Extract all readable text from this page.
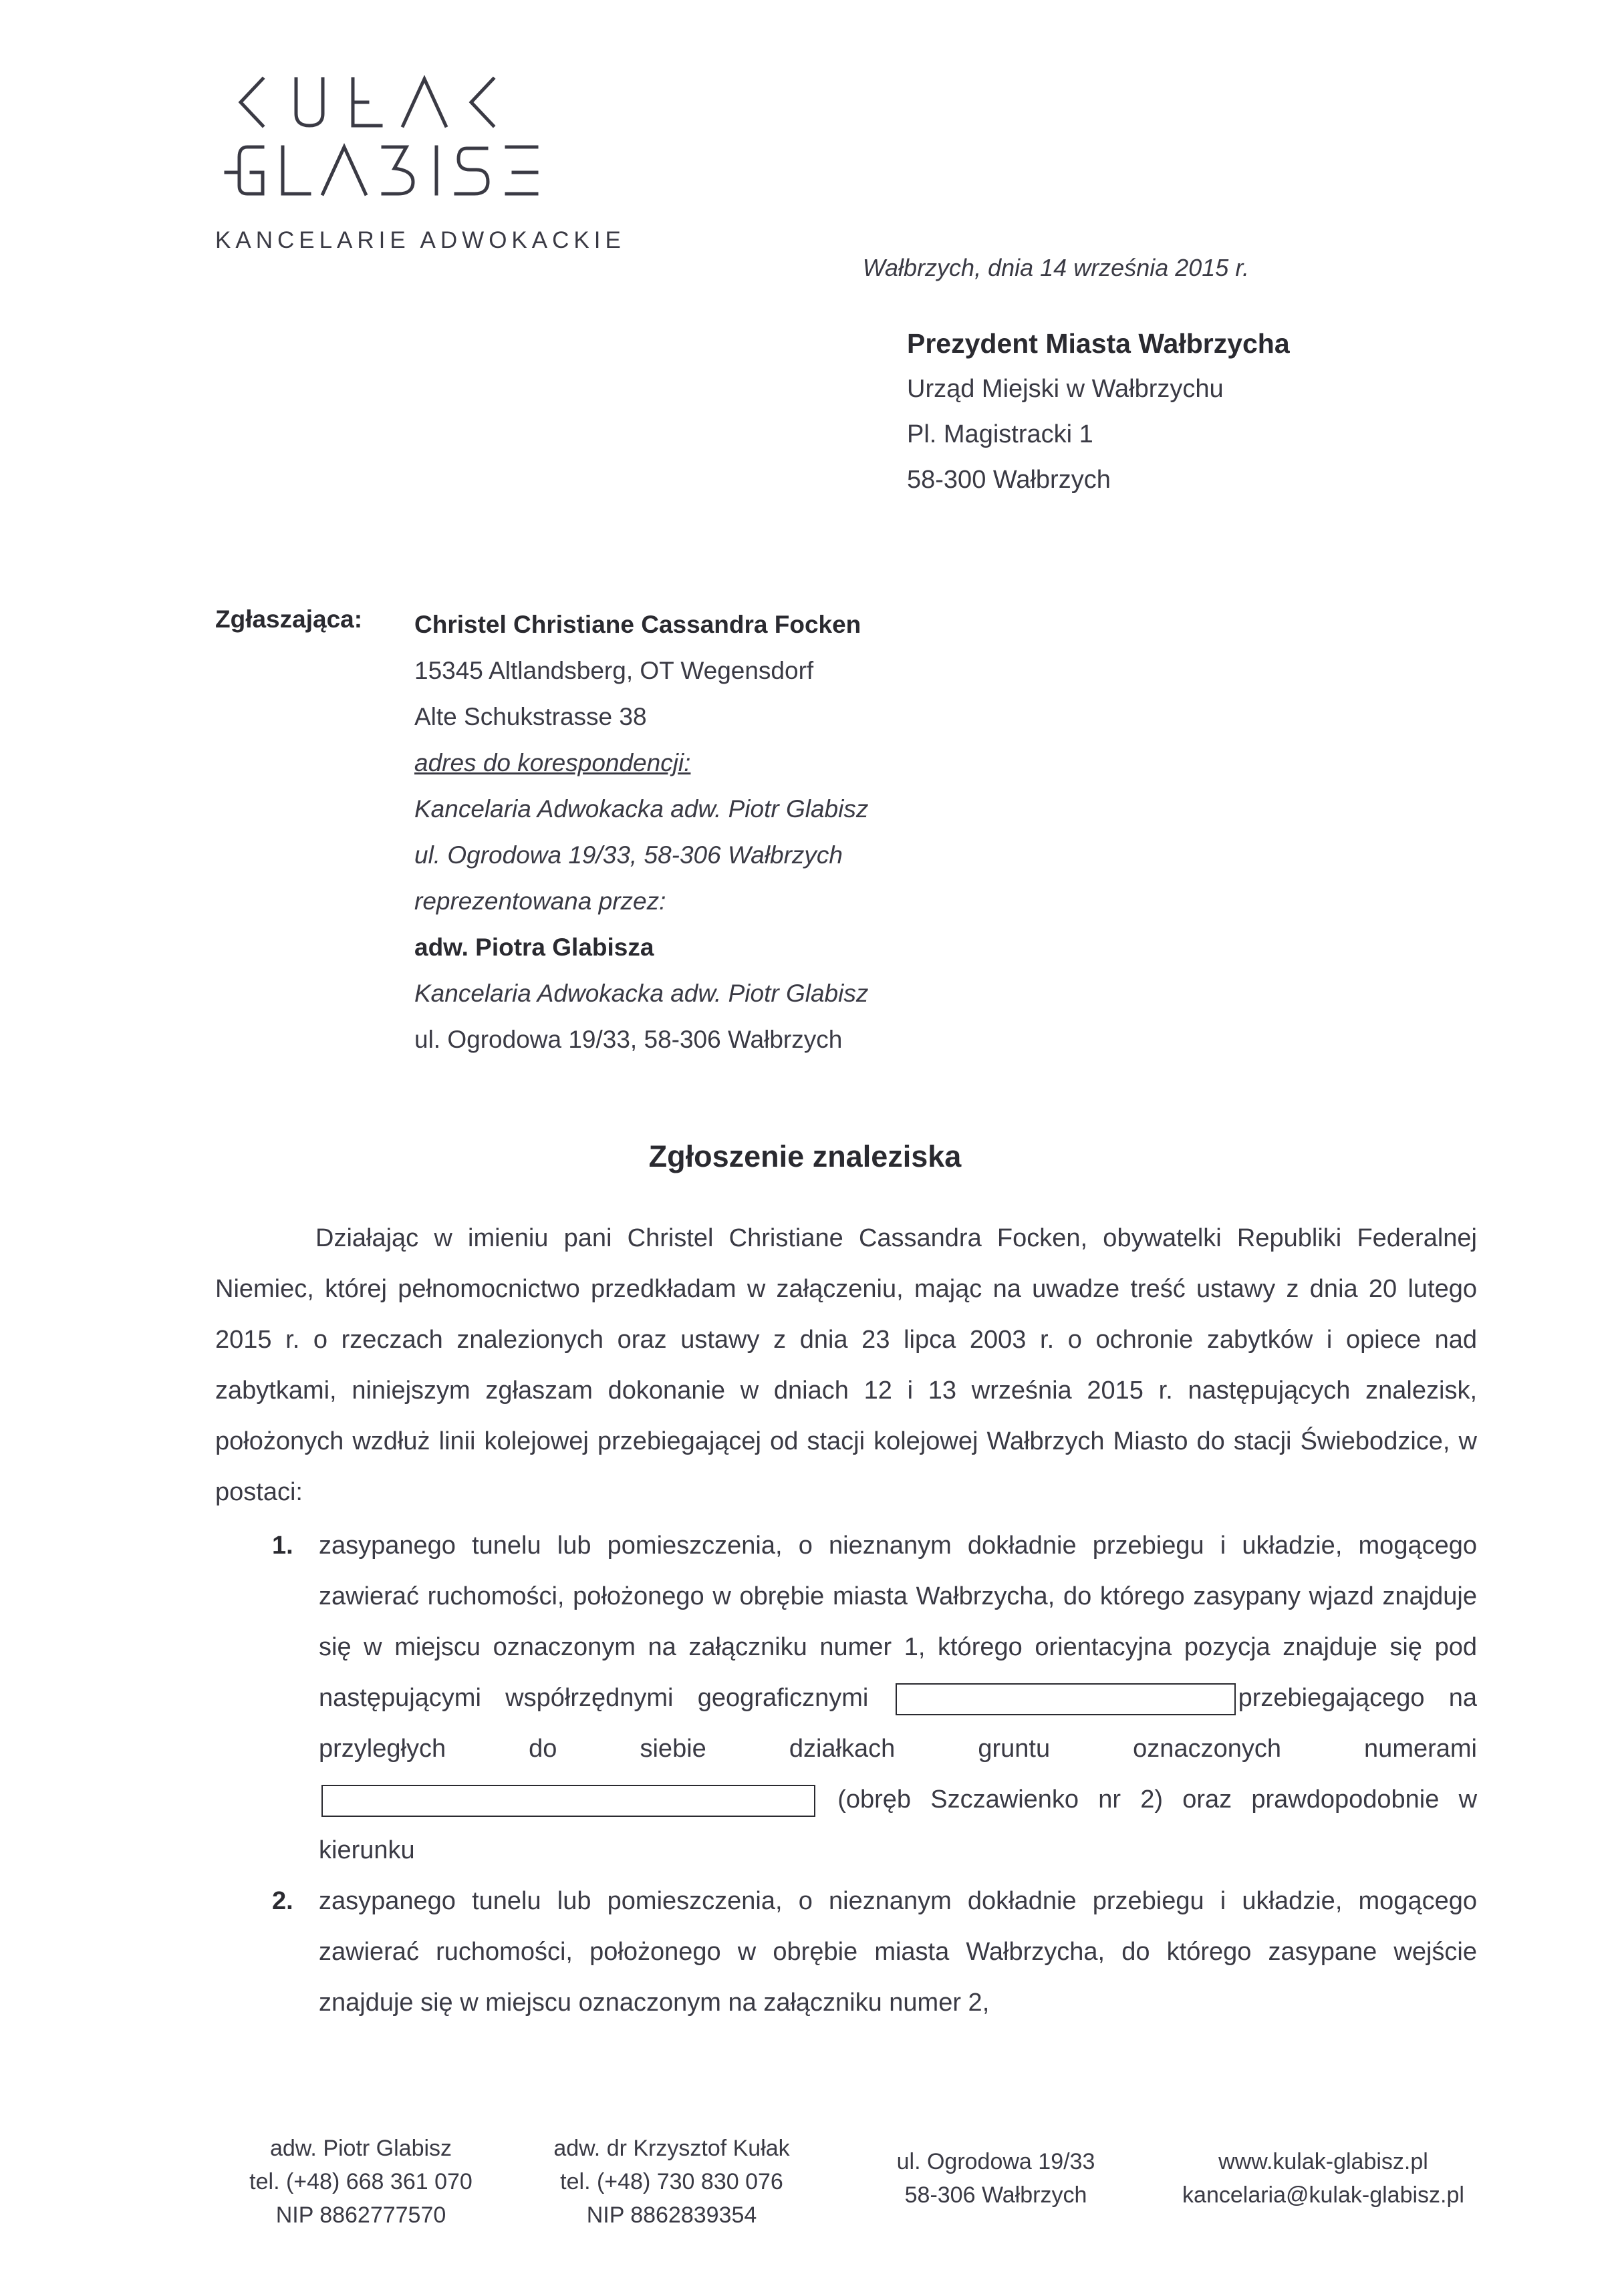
KANCELARIE ADWOKACKIE
Wałbrzych, dnia 14 września 2015 r.
Prezydent Miasta Wałbrzycha
Urząd Miejski w Wałbrzychu
Pl. Magistracki 1
58-300 Wałbrzych
Zgłaszająca: Christel Christiane Cassandra Focken
15345 Altlandsberg, OT Wegensdorf
Alte Schukstrasse 38
adres do korespondencji:
Kancelaria Adwokacka adw. Piotr Glabisz
ul. Ogrodowa 19/33, 58-306 Wałbrzych
reprezentowana przez:
adw. Piotra Glabisza
Kancelaria Adwokacka adw. Piotr Glabisz
ul. Ogrodowa 19/33, 58-306 Wałbrzych
Zgłoszenie znaleziska
Działając w imieniu pani Christel Christiane Cassandra Focken, obywatelki Republiki Federalnej Niemiec, której pełnomocnictwo przedkładam w załączeniu, mając na uwadze treść ustawy z dnia 20 lutego 2015 r. o rzeczach znalezionych oraz ustawy z dnia 23 lipca 2003 r. o ochronie zabytków i opiece nad zabytkami, niniejszym zgłaszam dokonanie w dniach 12 i 13 września 2015 r. następujących znalezisk, położonych wzdłuż linii kolejowej przebiegającej od stacji kolejowej Wałbrzych Miasto do stacji Świebodzice, w postaci:
1. zasypanego tunelu lub pomieszczenia, o nieznanym dokładnie przebiegu i układzie, mogącego zawierać ruchomości, położonego w obrębie miasta Wałbrzycha, do którego zasypany wjazd znajduje się w miejscu oznaczonym na załączniku numer 1, którego orientacyjna pozycja znajduje się pod następującymi współrzędnymi geograficznymi	przebiegającego na przyległych do siebie działkach gruntu oznaczonych numerami  (obręb Szczawienko nr 2) oraz prawdopodobnie w kierunku
2. zasypanego tunelu lub pomieszczenia, o nieznanym dokładnie przebiegu i układzie, mogącego zawierać ruchomości, położonego w obrębie miasta Wałbrzycha, do którego zasypane wejście znajduje się w miejscu oznaczonym na załączniku numer 2,
adw. Piotr Glabisz
tel. (+48) 668 361 070
NIP 8862777570
adw. dr Krzysztof Kułak
tel. (+48) 730 830 076
NIP 8862839354
ul. Ogrodowa 19/33
58-306 Wałbrzych
www.kulak-glabisz.pl
kancelaria@kulak-glabisz.pl
